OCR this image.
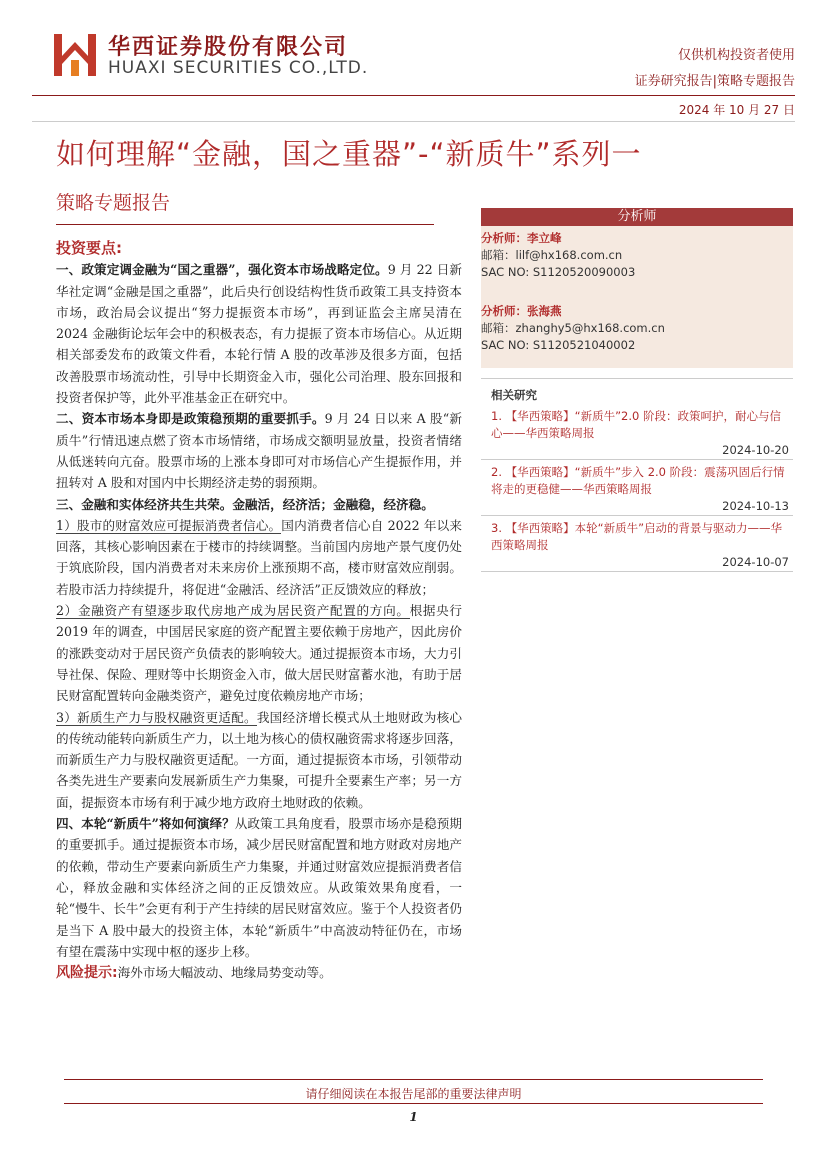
华西证券股份有限公司
HUAXI SECURITIES CO.,LTD.
仅供机构投资者使用
证券研究报告|策略专题报告
2024 年 10 月 27 日
如何理解“金融，国之重器”-“新质牛”系列一
策略专题报告

投资要点:

一、政策定调金融为“国之重器”，强化资本市场战略定位。9 月 22 日新华社定调“金融是国之重器”，此后央行创设结构性货币政策工具支持资本市场，政治局会议提出“努力提振资本市场”，再到证监会主席吴清在 2024 金融街论坛年会中的积极表态，有力提振了资本市场信心。从近期相关部委发布的政策文件看，本轮行情 A 股的改革涉及很多方面，包括改善股票市场流动性，引导中长期资金入市，强化公司治理、股东回报和投资者保护等，此外平准基金正在研究中。

二、资本市场本身即是政策稳预期的重要抓手。9 月 24 日以来 A 股“新质牛”行情迅速点燃了资本市场情绪，市场成交额明显放量，投资者情绪从低迷转向亢奋。股票市场的上涨本身即可对市场信心产生提振作用，并扭转对 A 股和对国内中长期经济走势的弱预期。

三、金融和实体经济共生共荣。金融活，经济活；金融稳，经济稳。

1）股市的财富效应可提振消费者信心。国内消费者信心自 2022 年以来回落，其核心影响因素在于楼市的持续调整。当前国内房地产景气度仍处于筑底阶段，国内消费者对未来房价上涨预期不高，楼市财富效应削弱。若股市活力持续提升，将促进“金融活、经济活”正反馈效应的释放；

2）金融资产有望逐步取代房地产成为居民资产配置的方向。根据央行 2019 年的调查，中国居民家庭的资产配置主要依赖于房地产，因此房价的涨跌变动对于居民资产负债表的影响较大。通过提振资本市场，大力引导社保、保险、理财等中长期资金入市，做大居民财富蓄水池，有助于居民财富配置转向金融类资产，避免过度依赖房地产市场；

3）新质生产力与股权融资更适配。我国经济增长模式从土地财政为核心的传统动能转向新质生产力，以土地为核心的债权融资需求将逐步回落，而新质生产力与股权融资更适配。一方面，通过提振资本市场，引领带动各类先进生产要素向发展新质生产力集聚，可提升全要素生产率；另一方面，提振资本市场有利于减少地方政府土地财政的依赖。

四、本轮“新质牛”将如何演绎？从政策工具角度看，股票市场亦是稳预期的重要抓手。通过提振资本市场，减少居民财富配置和地方财政对房地产的依赖，带动生产要素向新质生产力集聚，并通过财富效应提振消费者信心，释放金融和实体经济之间的正反馈效应。从政策效果角度看，一轮“慢牛、长牛”会更有利于产生持续的居民财富效应。鉴于个人投资者仍是当下 A 股中最大的投资主体，本轮“新质牛”中高波动特征仍在，市场有望在震荡中实现中枢的逐步上移。

风险提示:海外市场大幅波动、地缘局势变动等。

分析师
分析师：李立峰
邮箱：lilf@hx168.com.cn
SAC NO: S1120520090003
分析师：张海燕
邮箱：zhanghy5@hx168.com.cn
SAC NO: S1120521040002
相关研究
1. 【华西策略】“新质牛”2.0 阶段：政策呵护，耐心与信心——华西策略周报
2024-10-20
2. 【华西策略】“新质牛”步入 2.0 阶段：震荡巩固后行情将走的更稳健——华西策略周报
2024-10-13
3. 【华西策略】本轮“新质牛”启动的背景与驱动力——华西策略周报
2024-10-07
请仔细阅读在本报告尾部的重要法律声明
1
